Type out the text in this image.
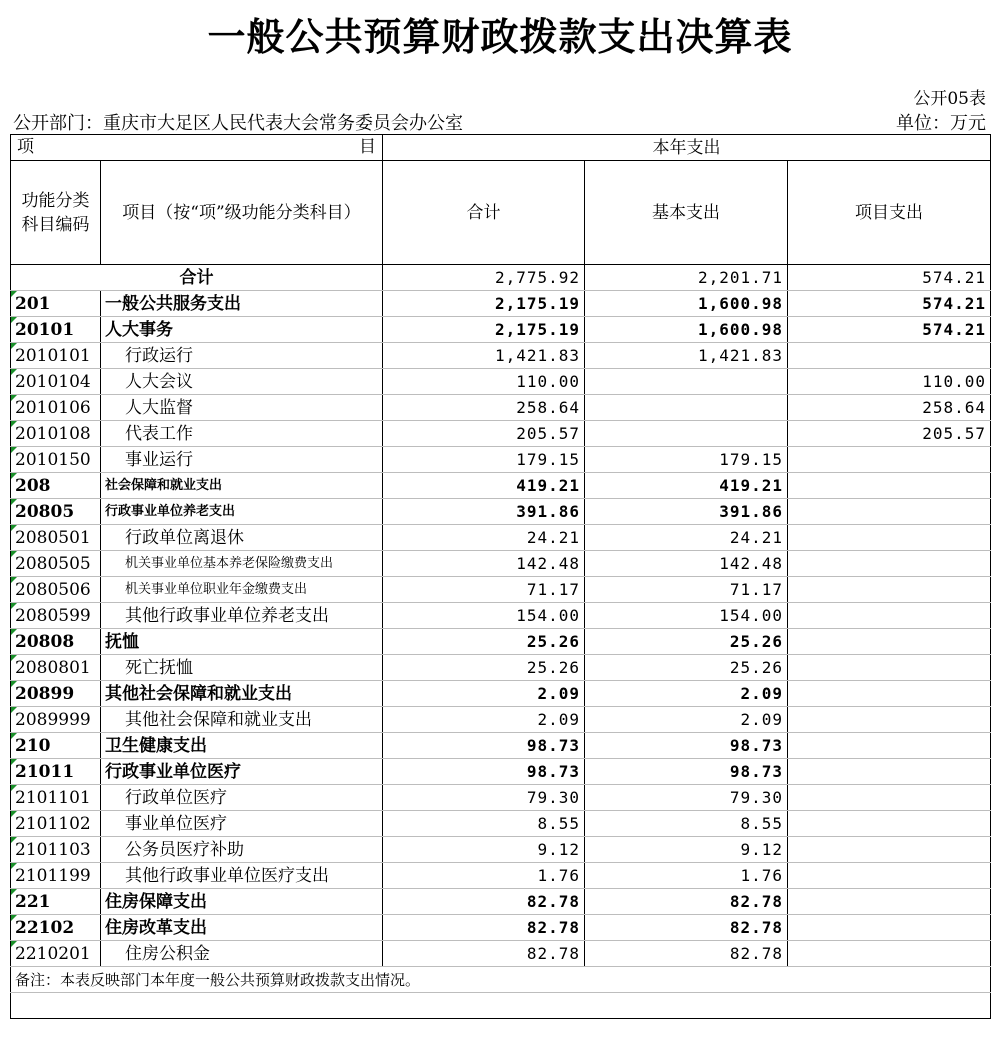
一般公共预算财政拨款支出决算表
公开05表
公开部门：重庆市大足区人民代表大会常务委员会办公室	单位：万元
项 目		本年支出		
功能分类科目编码	项目（按“项”级功能分类科目）	合计	基本支出	项目支出
合计		2,775.92	2,201.71	574.21
201	一般公共服务支出	2,175.19	1,600.98	574.21
20101	人大事务	2,175.19	1,600.98	574.21
2010101	行政运行	1,421.83	1,421.83	
2010104	人大会议	110.00		110.00
2010106	人大监督	258.64		258.64
2010108	代表工作	205.57		205.57
2010150	事业运行	179.15	179.15	
208	社会保障和就业支出	419.21	419.21	
20805	行政事业单位养老支出	391.86	391.86	
2080501	行政单位离退休	24.21	24.21	
2080505	机关事业单位基本养老保险缴费支出	142.48	142.48	
2080506	机关事业单位职业年金缴费支出	71.17	71.17	
2080599	其他行政事业单位养老支出	154.00	154.00	
20808	抚恤	25.26	25.26	
2080801	死亡抚恤	25.26	25.26	
20899	其他社会保障和就业支出	2.09	2.09	
2089999	其他社会保障和就业支出	2.09	2.09	
210	卫生健康支出	98.73	98.73	
21011	行政事业单位医疗	98.73	98.73	
2101101	行政单位医疗	79.30	79.30	
2101102	事业单位医疗	8.55	8.55	
2101103	公务员医疗补助	9.12	9.12	
2101199	其他行政事业单位医疗支出	1.76	1.76	
221	住房保障支出	82.78	82.78	
22102	住房改革支出	82.78	82.78	
2210201	住房公积金	82.78	82.78	
备注：本表反映部门本年度一般公共预算财政拨款支出情况。				
